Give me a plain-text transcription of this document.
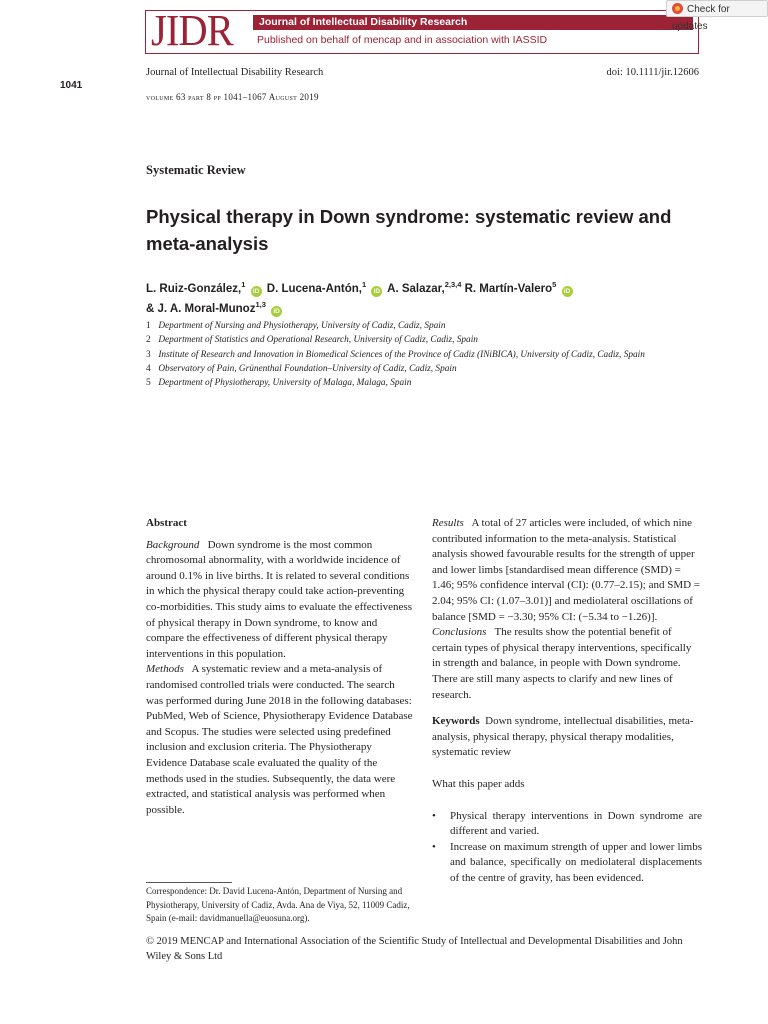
JIDR	Journal of Intellectual Disability Research
Published on behalf of mencap and in association with IASSID
Check for updates
1041
Journal of Intellectual Disability Research	doi: 10.1111/jir.12606
volume 63 part 8 pp 1041–1067 August 2019
Systematic Review
Physical therapy in Down syndrome: systematic review and meta-analysis
L. Ruiz-González,$^1$ iD D. Lucena-Antón,$^1$ iD A. Salazar,$^{2,3,4}$ R. Martín-Valero$^5$ iD
& J. A. Moral-Munoz$^{1,3}$ iD
1 Department of Nursing and Physiotherapy, University of Cadiz, Cadiz, Spain
2 Department of Statistics and Operational Research, University of Cadiz, Cadiz, Spain
3 Institute of Research and Innovation in Biomedical Sciences of the Province of Cadiz (INiBICA), University of Cadiz, Cadiz, Spain
4 Observatory of Pain, Grünenthal Foundation–University of Cadiz, Cadiz, Spain
5 Department of Physiotherapy, University of Malaga, Malaga, Spain
Abstract
Background Down syndrome is the most common chromosomal abnormality, with a worldwide incidence of around 0.1% in live births. It is related to several conditions in which the physical therapy could take action-preventing co-morbidities. This study aims to evaluate the effectiveness of physical therapy in Down syndrome, to know and compare the effectiveness of different physical therapy interventions in this population.
Methods A systematic review and a meta-analysis of randomised controlled trials were conducted. The search was performed during June 2018 in the following databases: PubMed, Web of Science, Physiotherapy Evidence Database and Scopus. The studies were selected using predefined inclusion and exclusion criteria. The Physiotherapy Evidence Database scale evaluated the quality of the methods used in the studies. Subsequently, the data were extracted, and statistical analysis was performed when possible.
Correspondence: Dr. David Lucena-Antón, Department of Nursing and Physiotherapy, University of Cadiz, Avda. Ana de Viya, 52, 11009 Cadiz, Spain (e-mail: davidmanuella@euosuna.org).
Results A total of 27 articles were included, of which nine contributed information to the meta-analysis. Statistical analysis showed favourable results for the strength of upper and lower limbs [standardised mean difference (SMD) = 1.46; 95% confidence interval (CI): (0.77–2.15); and SMD = 2.04; 95% CI: (1.07–3.01)] and mediolateral oscillations of balance [SMD = −3.30; 95% CI: (−5.34 to −1.26)].
Conclusions The results show the potential benefit of certain types of physical therapy interventions, specifically in strength and balance, in people with Down syndrome. There are still many aspects to clarify and new lines of research.
Keywords Down syndrome, intellectual disabilities, meta-analysis, physical therapy, physical therapy modalities, systematic review
What this paper adds
• Physical therapy interventions in Down syndrome are different and varied.
• Increase on maximum strength of upper and lower limbs and balance, specifically on mediolateral displacements of the centre of gravity, has been evidenced.
© 2019 MENCAP and International Association of the Scientific Study of Intellectual and Developmental Disabilities and John Wiley & Sons Ltd
